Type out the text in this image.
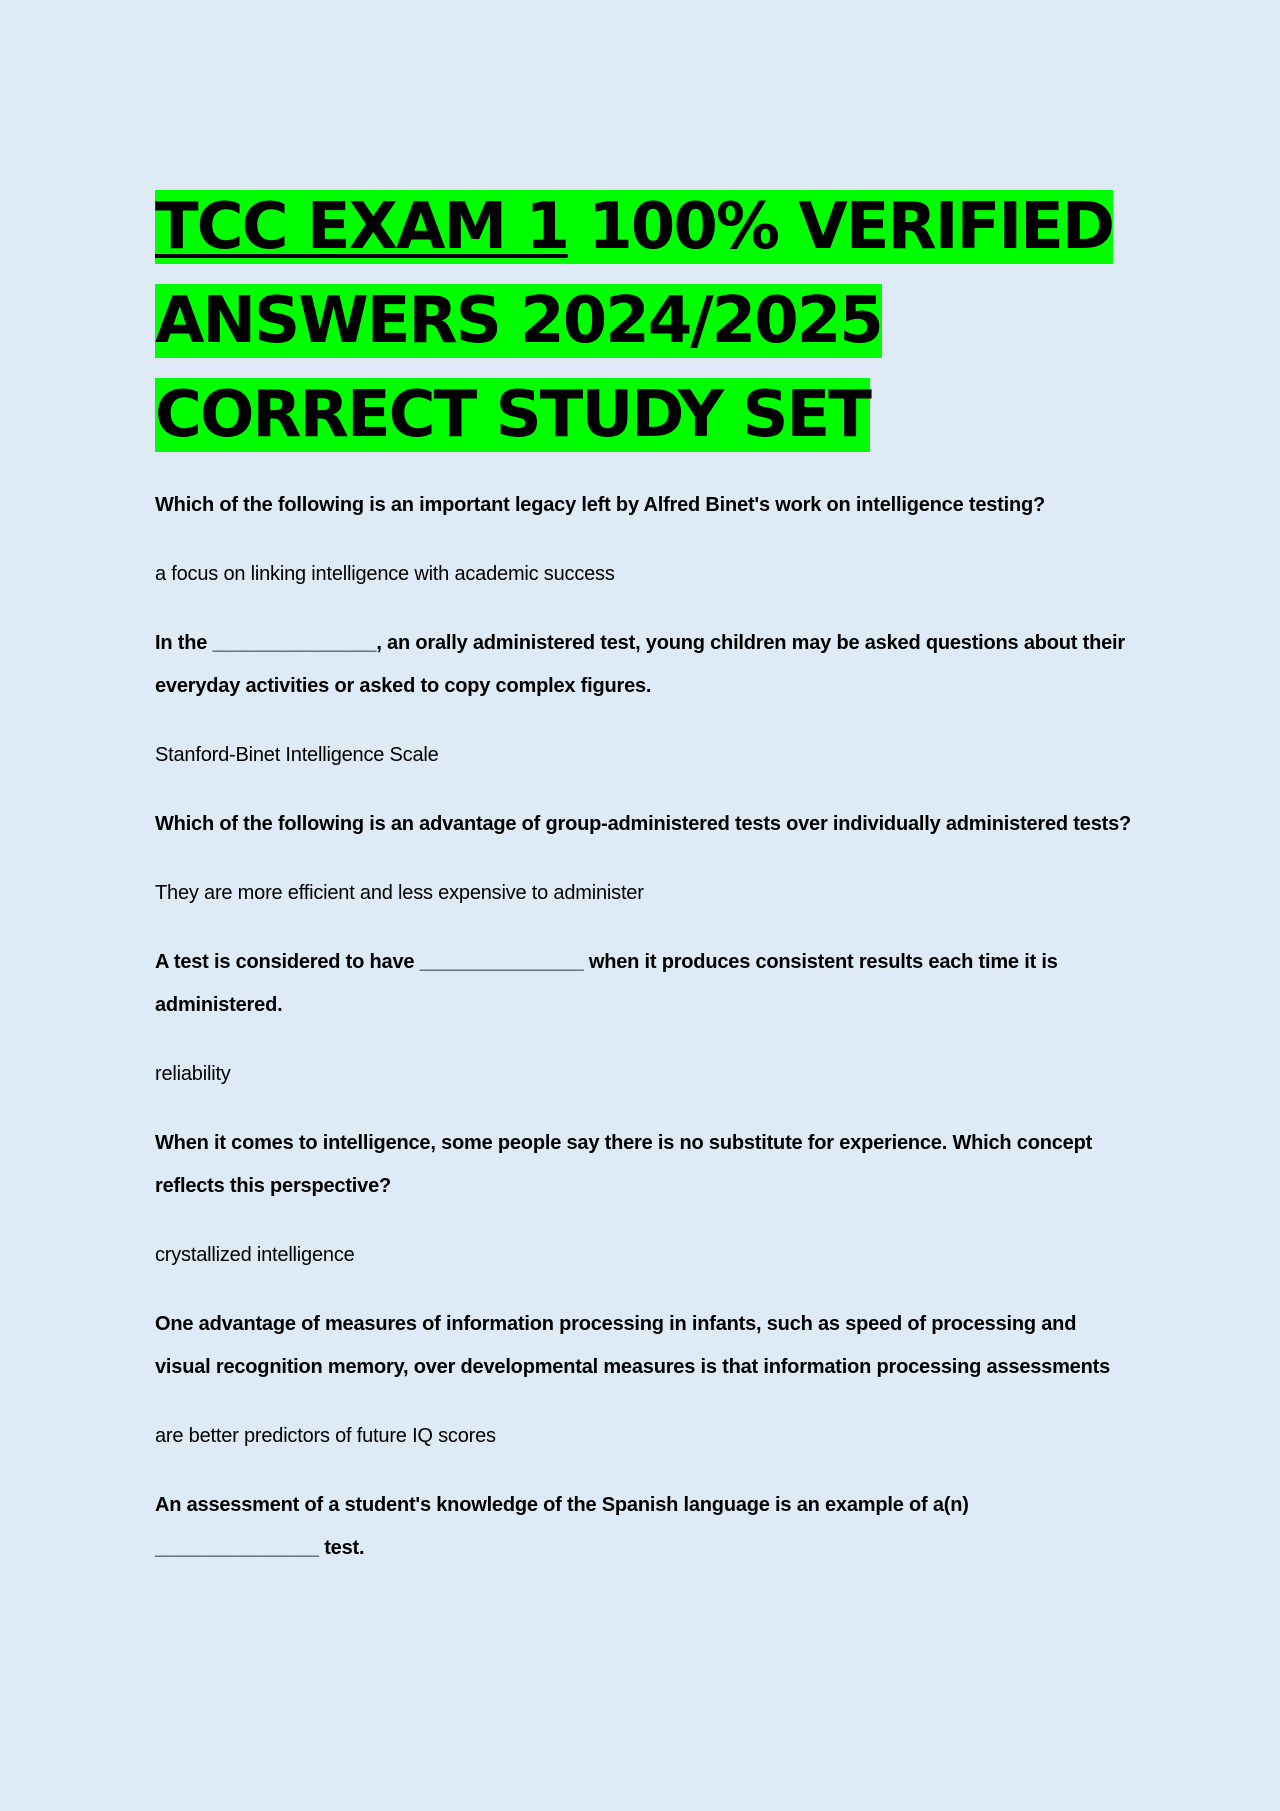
TCC EXAM 1 100% VERIFIED ANSWERS 2024/2025 CORRECT STUDY SET

Which of the following is an important legacy left by Alfred Binet's work on intelligence testing?

a focus on linking intelligence with academic success

In the _______________, an orally administered test, young children may be asked questions about their everyday activities or asked to copy complex figures.

Stanford-Binet Intelligence Scale

Which of the following is an advantage of group-administered tests over individually administered tests?

They are more efficient and less expensive to administer

A test is considered to have _______________ when it produces consistent results each time it is administered.

reliability

When it comes to intelligence, some people say there is no substitute for experience. Which concept reflects this perspective?

crystallized intelligence

One advantage of measures of information processing in infants, such as speed of processing and visual recognition memory, over developmental measures is that information processing assessments

are better predictors of future IQ scores

An assessment of a student's knowledge of the Spanish language is an example of a(n) _______________ test.
